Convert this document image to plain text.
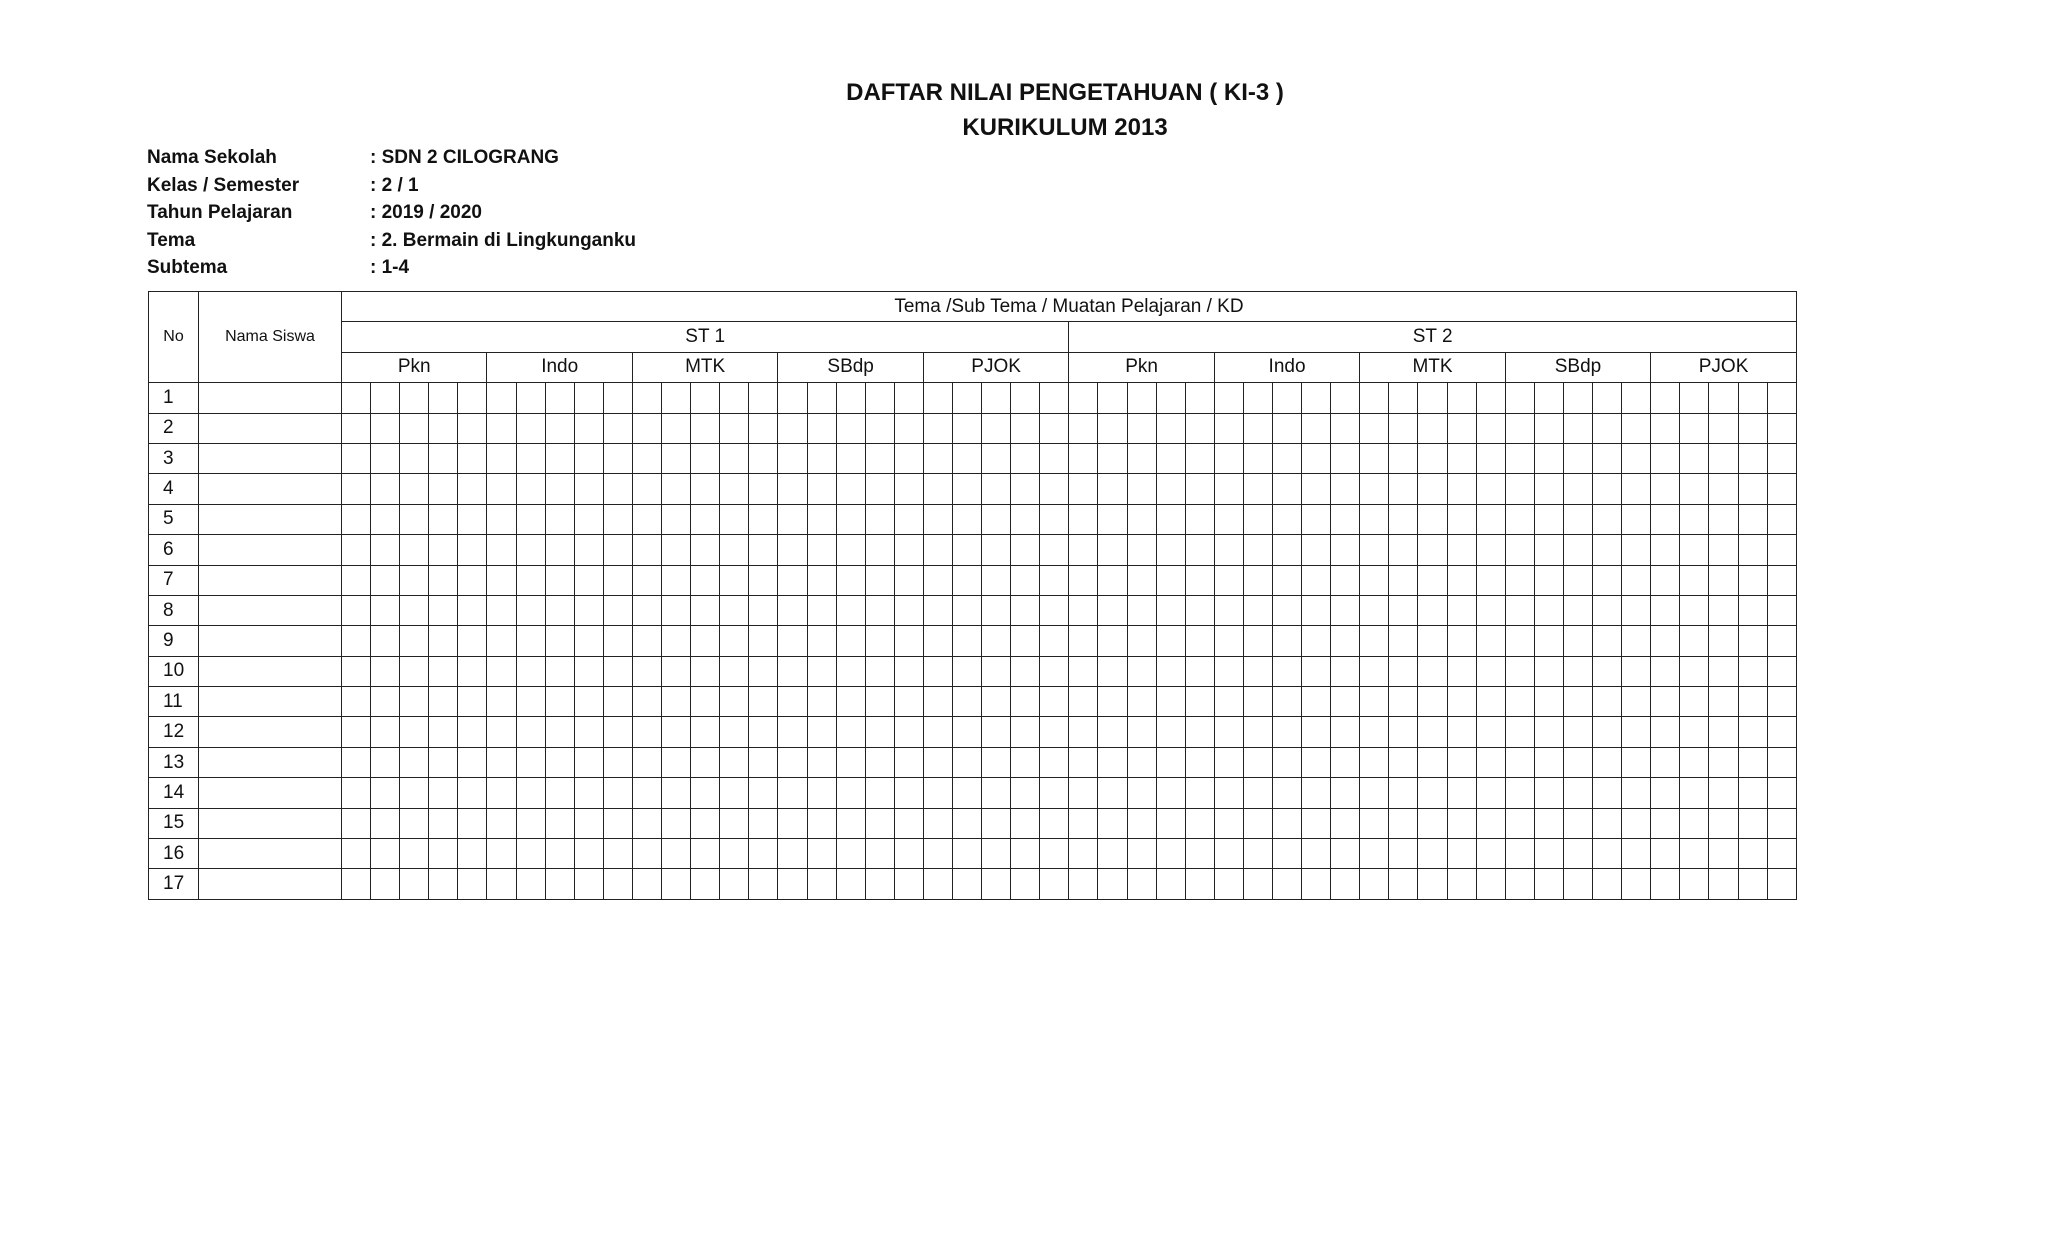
DAFTAR NILAI PENGETAHUAN ( KI-3 )
KURIKULUM 2013
Nama Sekolah	: SDN 2 CILOGRANG
Kelas / Semester	: 2 / 1
Tahun Pelajaran	: 2019 / 2020
Tema	: 2. Bermain di Lingkunganku
Subtema	: 1-4
No	Nama Siswa	Tema /Sub Tema / Muatan Pelajaran / KD																																																	
		ST 1																									ST 2																								
		Pkn					Indo					MTK					SBdp					PJOK					Pkn					Indo					MTK					SBdp					PJOK				
1																																																			
2																																																			
3																																																			
4																																																			
5																																																			
6																																																			
7																																																			
8																																																			
9																																																			
10																																																			
11																																																			
12																																																			
13																																																			
14																																																			
15																																																			
16																																																			
17																																																			
